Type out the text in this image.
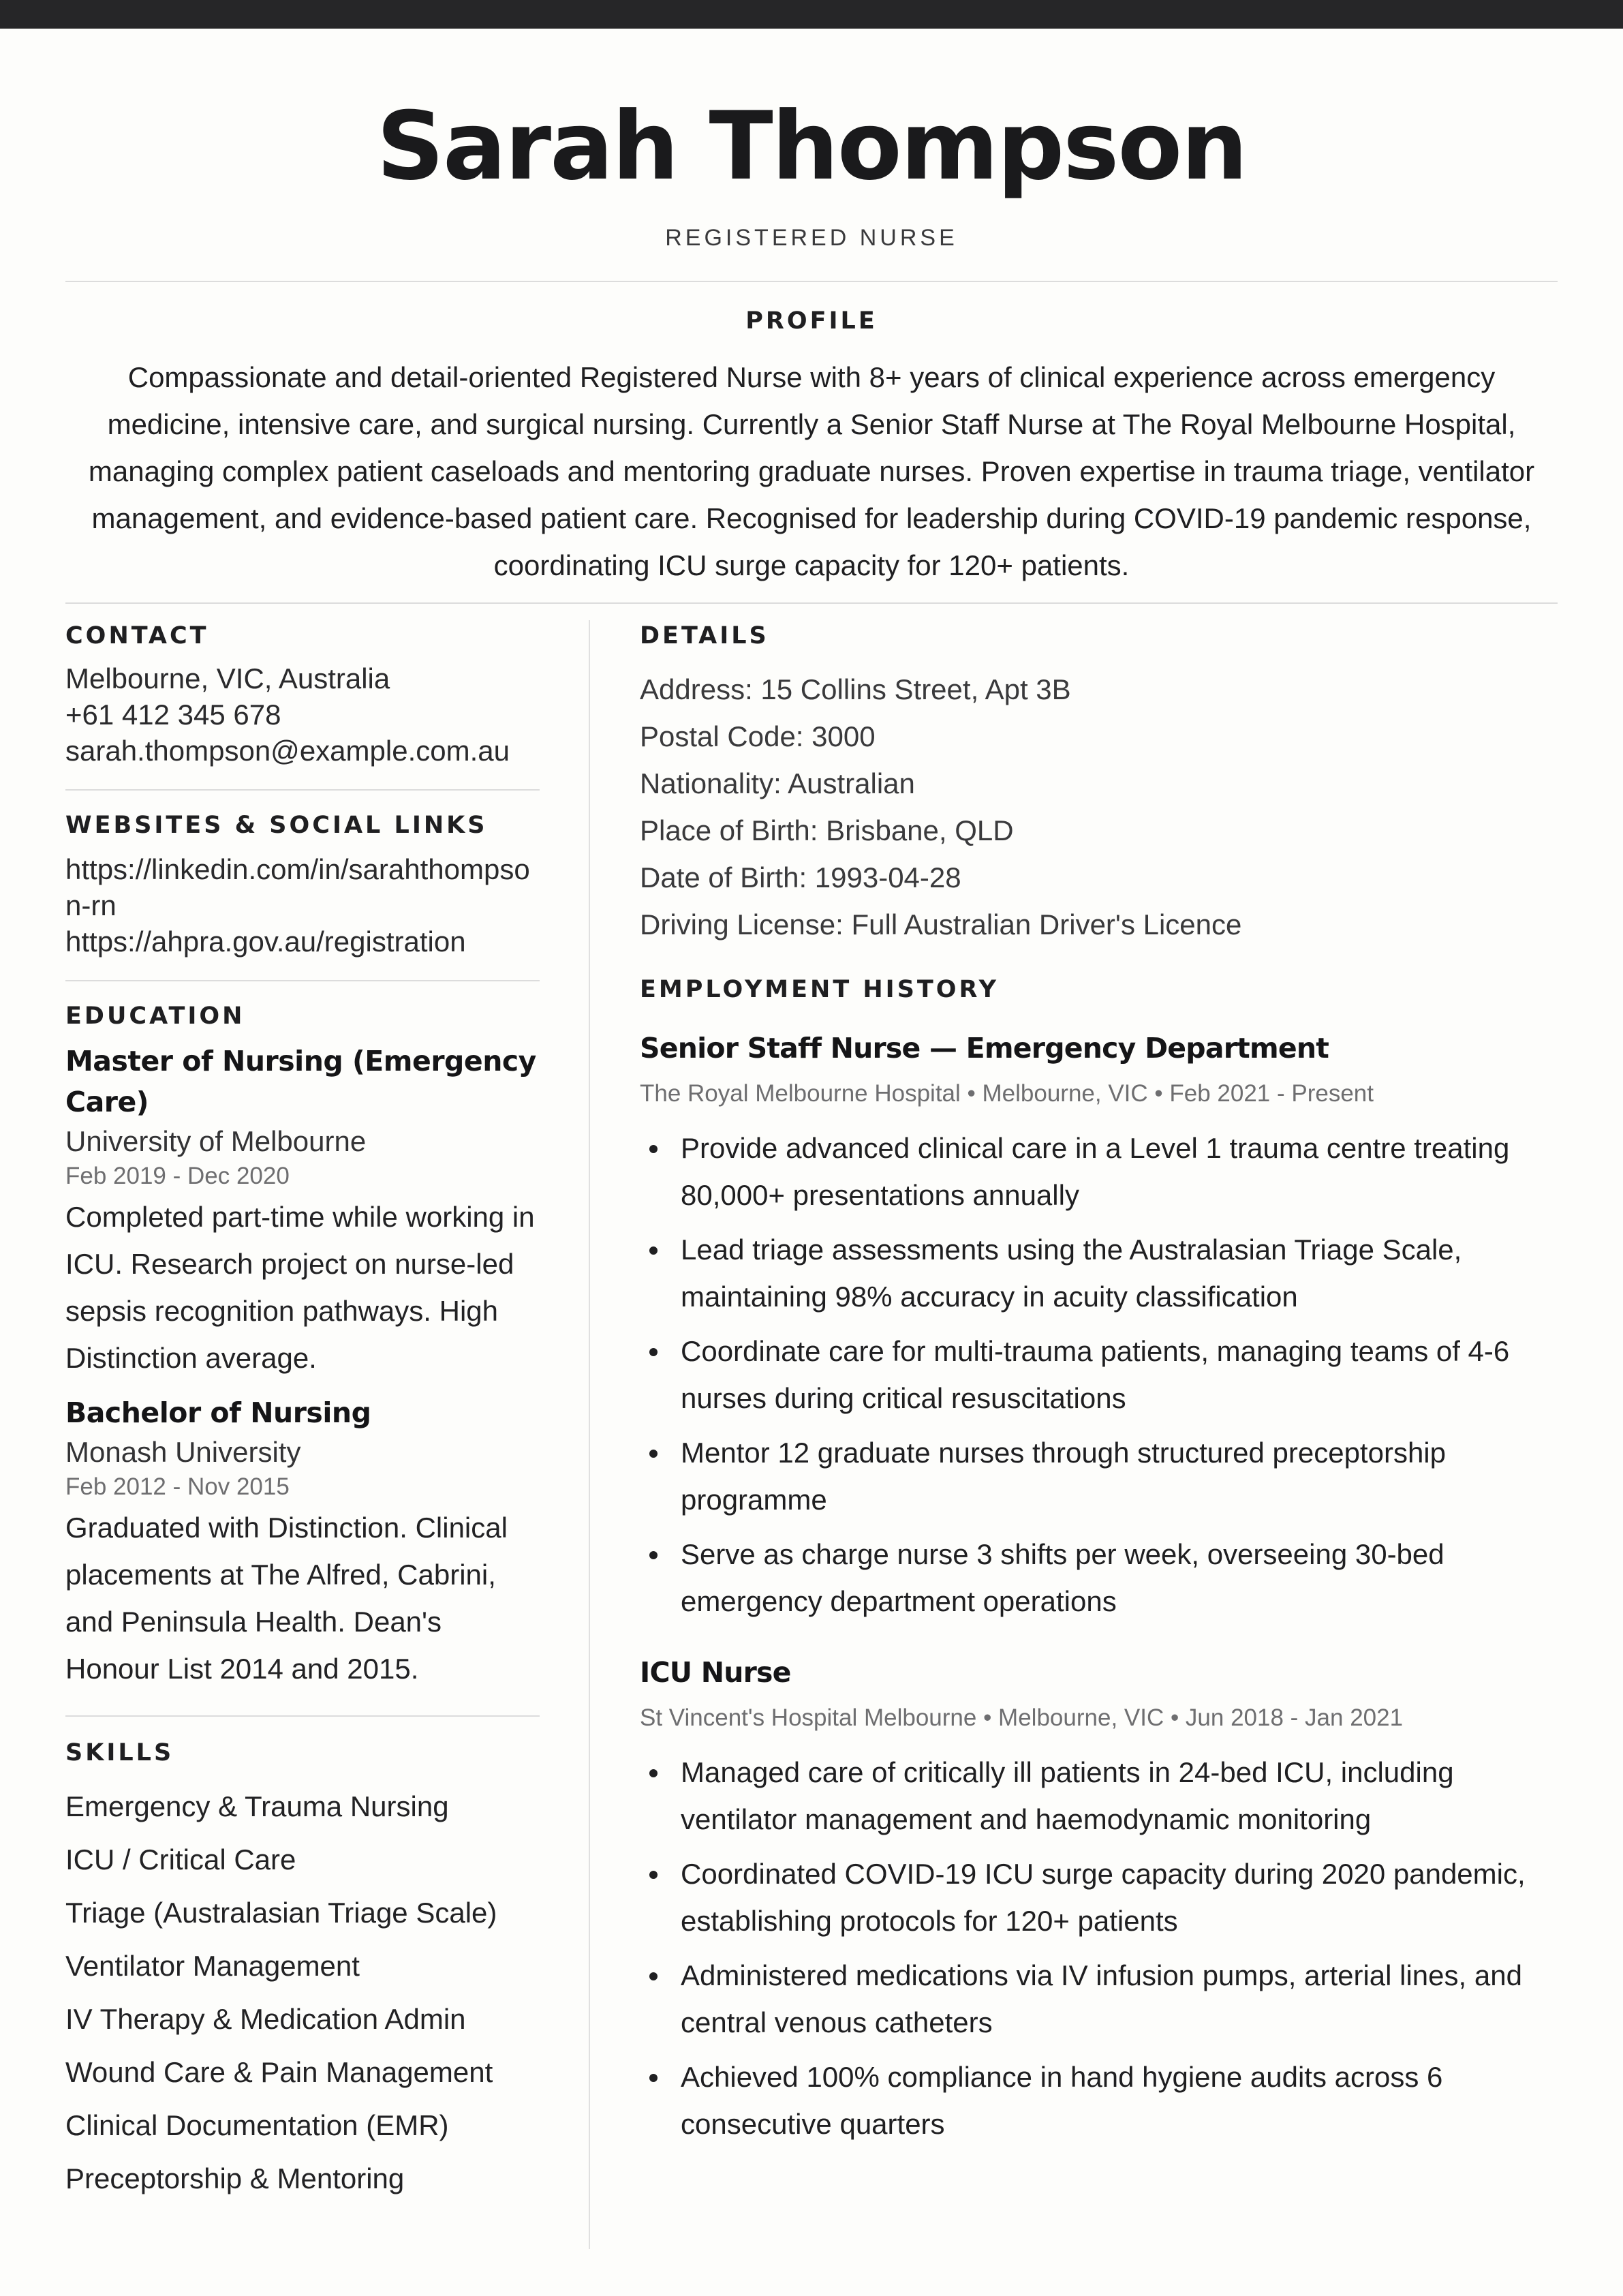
Sarah Thompson
REGISTERED NURSE
PROFILE

Compassionate and detail-oriented Registered Nurse with 8+ years of clinical experience across emergency medicine, intensive care, and surgical nursing. Currently a Senior Staff Nurse at The Royal Melbourne Hospital, managing complex patient caseloads and mentoring graduate nurses. Proven expertise in trauma triage, ventilator management, and evidence-based patient care. Recognised for leadership during COVID-19 pandemic response, coordinating ICU surge capacity for 120+ patients.

CONTACT
Melbourne, VIC, Australia
+61 412 345 678
sarah.thompson@example.com.au
WEBSITES & SOCIAL LINKS
https://linkedin.com/in/sarahthompson-rn
https://ahpra.gov.au/registration
EDUCATION
Master of Nursing (Emergency Care)
University of Melbourne
Feb 2019 - Dec 2020
Completed part-time while working in ICU. Research project on nurse-led sepsis recognition pathways. High Distinction average.
Bachelor of Nursing
Monash University
Feb 2012 - Nov 2015
Graduated with Distinction. Clinical placements at The Alfred, Cabrini, and Peninsula Health. Dean's Honour List 2014 and 2015.
SKILLS
Emergency & Trauma Nursing
ICU / Critical Care
Triage (Australasian Triage Scale)
Ventilator Management
IV Therapy & Medication Admin
Wound Care & Pain Management
Clinical Documentation (EMR)
Preceptorship & Mentoring
DETAILS
Address: 15 Collins Street, Apt 3B
Postal Code: 3000
Nationality: Australian
Place of Birth: Brisbane, QLD
Date of Birth: 1993-04-28
Driving License: Full Australian Driver's Licence
EMPLOYMENT HISTORY
Senior Staff Nurse — Emergency Department
The Royal Melbourne Hospital • Melbourne, VIC • Feb 2021 - Present
Provide advanced clinical care in a Level 1 trauma centre treating 80,000+ presentations annually
Lead triage assessments using the Australasian Triage Scale, maintaining 98% accuracy in acuity classification
Coordinate care for multi-trauma patients, managing teams of 4-6 nurses during critical resuscitations
Mentor 12 graduate nurses through structured preceptorship programme
Serve as charge nurse 3 shifts per week, overseeing 30-bed emergency department operations
ICU Nurse
St Vincent's Hospital Melbourne • Melbourne, VIC • Jun 2018 - Jan 2021
Managed care of critically ill patients in 24-bed ICU, including ventilator management and haemodynamic monitoring
Coordinated COVID-19 ICU surge capacity during 2020 pandemic, establishing protocols for 120+ patients
Administered medications via IV infusion pumps, arterial lines, and central venous catheters
Achieved 100% compliance in hand hygiene audits across 6 consecutive quarters
